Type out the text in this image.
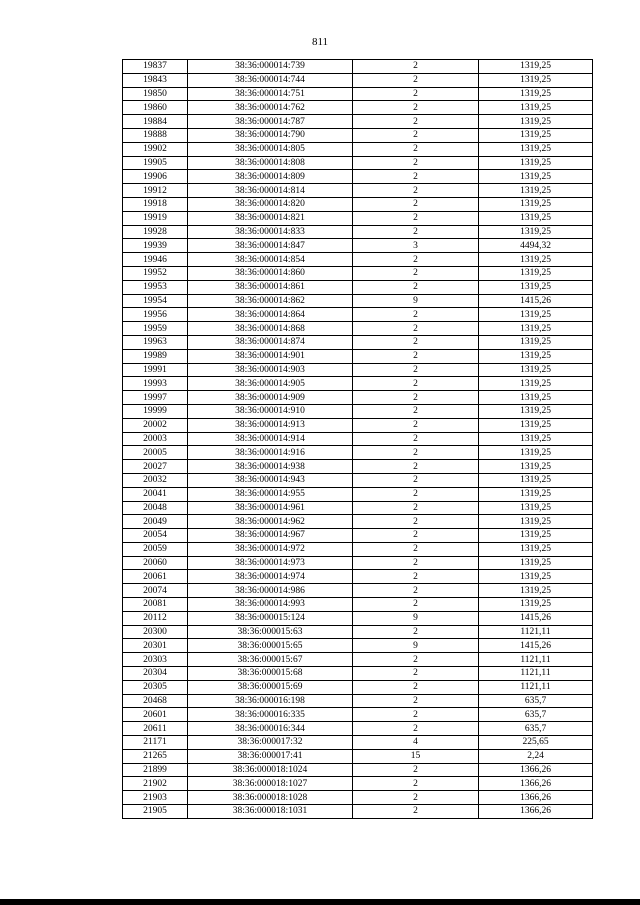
811
19837	38:36:000014:739	2	1319,25
19843	38:36:000014:744	2	1319,25
19850	38:36:000014:751	2	1319,25
19860	38:36:000014:762	2	1319,25
19884	38:36:000014:787	2	1319,25
19888	38:36:000014:790	2	1319,25
19902	38:36:000014:805	2	1319,25
19905	38:36:000014:808	2	1319,25
19906	38:36:000014:809	2	1319,25
19912	38:36:000014:814	2	1319,25
19918	38:36:000014:820	2	1319,25
19919	38:36:000014:821	2	1319,25
19928	38:36:000014:833	2	1319,25
19939	38:36:000014:847	3	4494,32
19946	38:36:000014:854	2	1319,25
19952	38:36:000014:860	2	1319,25
19953	38:36:000014:861	2	1319,25
19954	38:36:000014:862	9	1415,26
19956	38:36:000014:864	2	1319,25
19959	38:36:000014:868	2	1319,25
19963	38:36:000014:874	2	1319,25
19989	38:36:000014:901	2	1319,25
19991	38:36:000014:903	2	1319,25
19993	38:36:000014:905	2	1319,25
19997	38:36:000014:909	2	1319,25
19999	38:36:000014:910	2	1319,25
20002	38:36:000014:913	2	1319,25
20003	38:36:000014:914	2	1319,25
20005	38:36:000014:916	2	1319,25
20027	38:36:000014:938	2	1319,25
20032	38:36:000014:943	2	1319,25
20041	38:36:000014:955	2	1319,25
20048	38:36:000014:961	2	1319,25
20049	38:36:000014:962	2	1319,25
20054	38:36:000014:967	2	1319,25
20059	38:36:000014:972	2	1319,25
20060	38:36:000014:973	2	1319,25
20061	38:36:000014:974	2	1319,25
20074	38:36:000014:986	2	1319,25
20081	38:36:000014:993	2	1319,25
20112	38:36:000015:124	9	1415,26
20300	38:36:000015:63	2	1121,11
20301	38:36:000015:65	9	1415,26
20303	38:36:000015:67	2	1121,11
20304	38:36:000015:68	2	1121,11
20305	38:36:000015:69	2	1121,11
20468	38:36:000016:198	2	635,7
20601	38:36:000016:335	2	635,7
20611	38:36:000016:344	2	635,7
21171	38:36:000017:32	4	225,65
21265	38:36:000017:41	15	2,24
21899	38:36:000018:1024	2	1366,26
21902	38:36:000018:1027	2	1366,26
21903	38:36:000018:1028	2	1366,26
21905	38:36:000018:1031	2	1366,26
